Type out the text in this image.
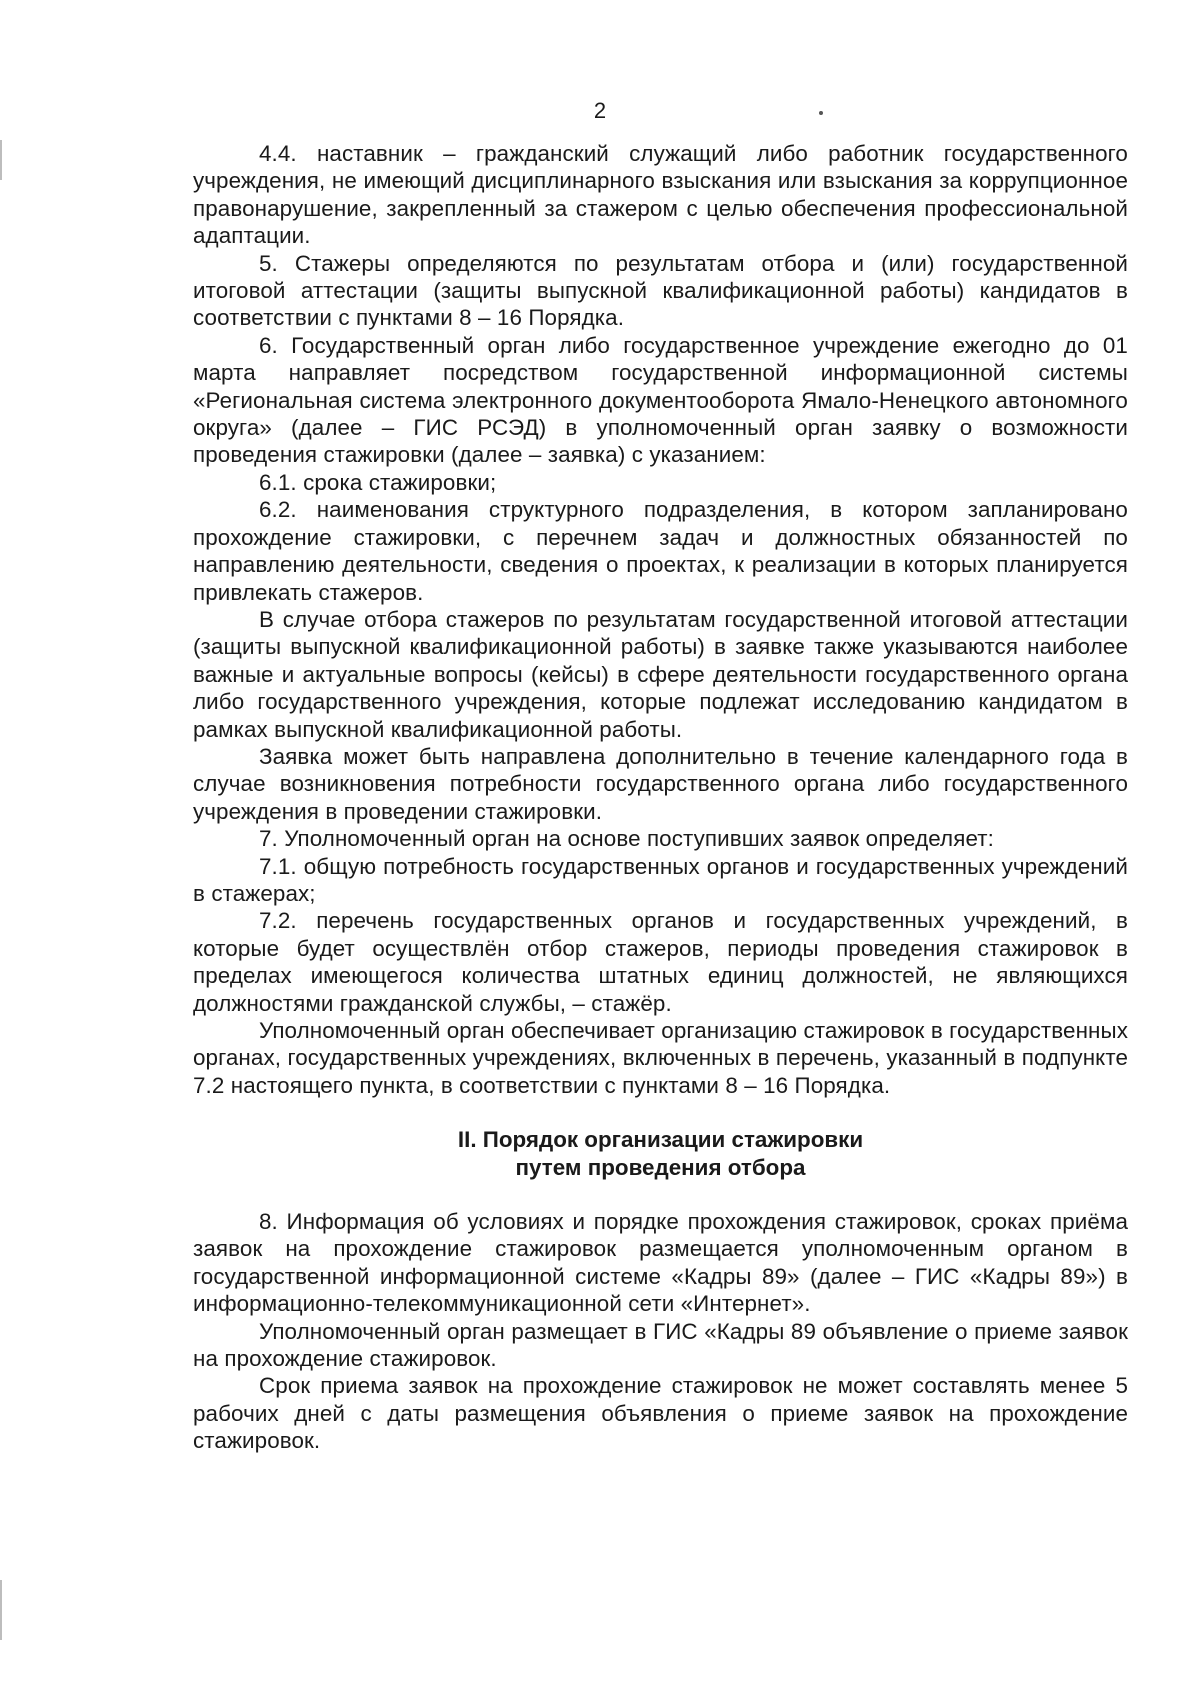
2

4.4. наставник – гражданский служащий либо работник государственного учреждения, не имеющий дисциплинарного взыскания или взыскания за коррупционное правонарушение, закрепленный за стажером с целью обеспечения профессиональной адаптации.

5. Стажеры определяются по результатам отбора и (или) государственной итоговой аттестации (защиты выпускной квалификационной работы) кандидатов в соответствии с пунктами 8 – 16 Порядка.

6. Государственный орган либо государственное учреждение ежегодно до 01 марта направляет посредством государственной информационной системы «Региональная система электронного документооборота Ямало-Ненецкого автономного округа» (далее – ГИС РСЭД) в уполномоченный орган заявку о возможности проведения стажировки (далее – заявка) с указанием:

6.1. срока стажировки;

6.2. наименования структурного подразделения, в котором запланировано прохождение стажировки, с перечнем задач и должностных обязанностей по направлению деятельности, сведения о проектах, к реализации в которых планируется привлекать стажеров.

В случае отбора стажеров по результатам государственной итоговой аттестации (защиты выпускной квалификационной работы) в заявке также указываются наиболее важные и актуальные вопросы (кейсы) в сфере деятельности государственного органа либо государственного учреждения, которые подлежат исследованию кандидатом в рамках выпускной квалификационной работы.

Заявка может быть направлена дополнительно в течение календарного года в случае возникновения потребности государственного органа либо государственного учреждения в проведении стажировки.

7. Уполномоченный орган на основе поступивших заявок определяет:

7.1. общую потребность государственных органов и государственных учреждений в стажерах;

7.2. перечень государственных органов и государственных учреждений, в которые будет осуществлён отбор стажеров, периоды проведения стажировок в пределах имеющегося количества штатных единиц должностей, не являющихся должностями гражданской службы, – стажёр.

Уполномоченный орган обеспечивает организацию стажировок в государственных органах, государственных учреждениях, включенных в перечень, указанный в подпункте 7.2 настоящего пункта, в соответствии с пунктами 8 – 16 Порядка.

II. Порядок организации стажировки
путем проведения отбора

8. Информация об условиях и порядке прохождения стажировок, сроках приёма заявок на прохождение стажировок размещается уполномоченным органом в государственной информационной системе «Кадры 89» (далее – ГИС «Кадры 89») в информационно-телекоммуникационной сети «Интернет».

Уполномоченный орган размещает в ГИС «Кадры 89 объявление о приеме заявок на прохождение стажировок.

Срок приема заявок на прохождение стажировок не может составлять менее 5 рабочих дней с даты размещения объявления о приеме заявок на прохождение стажировок.
